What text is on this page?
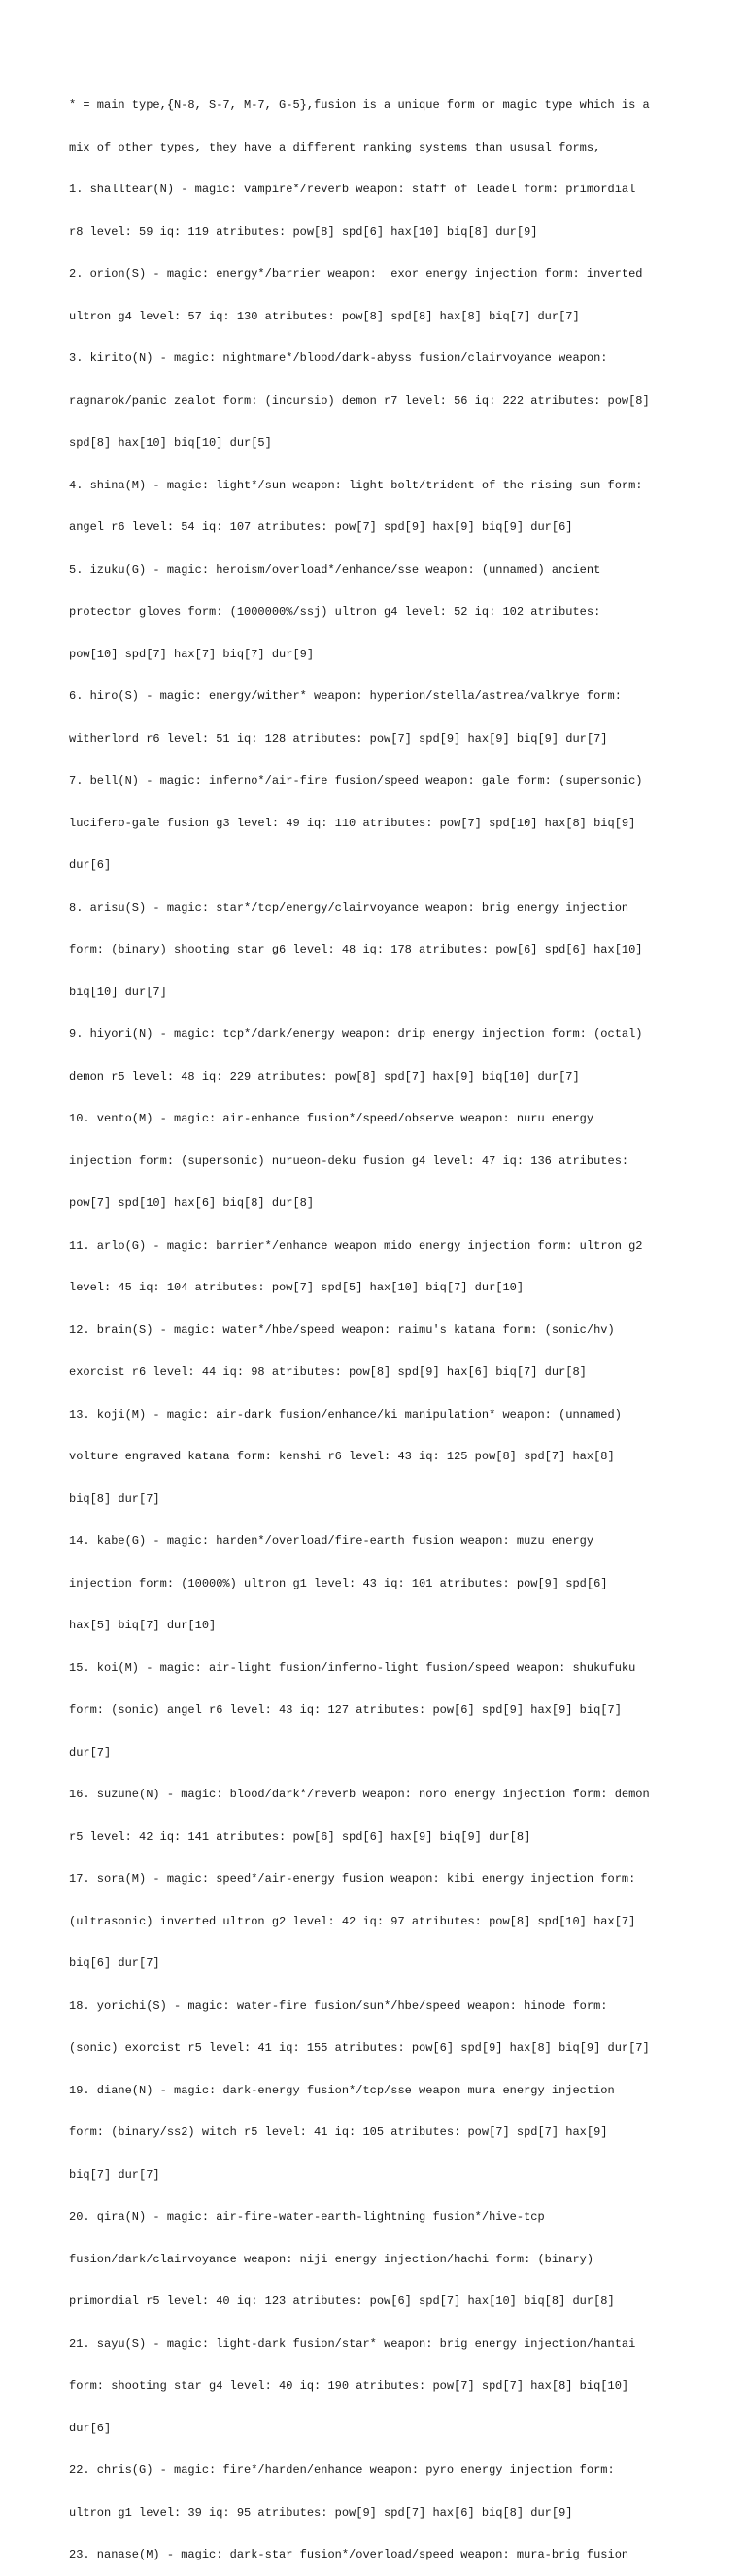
* = main type,{N-8, S-7, M-7, G-5},fusion is a unique form or magic type which is a

mix of other types, they have a different ranking systems than ususal forms,

1. shalltear(N) - magic: vampire*/reverb weapon: staff of leadel form: primordial

r8 level: 59 iq: 119 atributes: pow[8] spd[6] hax[10] biq[8] dur[9]

2. orion(S) - magic: energy*/barrier weapon:  exor energy injection form: inverted

ultron g4 level: 57 iq: 130 atributes: pow[8] spd[8] hax[8] biq[7] dur[7]

3. kirito(N) - magic: nightmare*/blood/dark-abyss fusion/clairvoyance weapon:

ragnarok/panic zealot form: (incursio) demon r7 level: 56 iq: 222 atributes: pow[8]

spd[8] hax[10] biq[10] dur[5]

4. shina(M) - magic: light*/sun weapon: light bolt/trident of the rising sun form:

angel r6 level: 54 iq: 107 atributes: pow[7] spd[9] hax[9] biq[9] dur[6]

5. izuku(G) - magic: heroism/overload*/enhance/sse weapon: (unnamed) ancient

protector gloves form: (1000000%/ssj) ultron g4 level: 52 iq: 102 atributes:

pow[10] spd[7] hax[7] biq[7] dur[9]

6. hiro(S) - magic: energy/wither* weapon: hyperion/stella/astrea/valkrye form:

witherlord r6 level: 51 iq: 128 atributes: pow[7] spd[9] hax[9] biq[9] dur[7]

7. bell(N) - magic: inferno*/air-fire fusion/speed weapon: gale form: (supersonic)

lucifero-gale fusion g3 level: 49 iq: 110 atributes: pow[7] spd[10] hax[8] biq[9]

dur[6]

8. arisu(S) - magic: star*/tcp/energy/clairvoyance weapon: brig energy injection

form: (binary) shooting star g6 level: 48 iq: 178 atributes: pow[6] spd[6] hax[10]

biq[10] dur[7]

9. hiyori(N) - magic: tcp*/dark/energy weapon: drip energy injection form: (octal)

demon r5 level: 48 iq: 229 atributes: pow[8] spd[7] hax[9] biq[10] dur[7]

10. vento(M) - magic: air-enhance fusion*/speed/observe weapon: nuru energy

injection form: (supersonic) nurueon-deku fusion g4 level: 47 iq: 136 atributes:

pow[7] spd[10] hax[6] biq[8] dur[8]

11. arlo(G) - magic: barrier*/enhance weapon mido energy injection form: ultron g2

level: 45 iq: 104 atributes: pow[7] spd[5] hax[10] biq[7] dur[10]

12. brain(S) - magic: water*/hbe/speed weapon: raimu's katana form: (sonic/hv)

exorcist r6 level: 44 iq: 98 atributes: pow[8] spd[9] hax[6] biq[7] dur[8]

13. koji(M) - magic: air-dark fusion/enhance/ki manipulation* weapon: (unnamed)

volture engraved katana form: kenshi r6 level: 43 iq: 125 pow[8] spd[7] hax[8]

biq[8] dur[7]

14. kabe(G) - magic: harden*/overload/fire-earth fusion weapon: muzu energy

injection form: (10000%) ultron g1 level: 43 iq: 101 atributes: pow[9] spd[6]

hax[5] biq[7] dur[10]

15. koi(M) - magic: air-light fusion/inferno-light fusion/speed weapon: shukufuku

form: (sonic) angel r6 level: 43 iq: 127 atributes: pow[6] spd[9] hax[9] biq[7]

dur[7]

16. suzune(N) - magic: blood/dark*/reverb weapon: noro energy injection form: demon

r5 level: 42 iq: 141 atributes: pow[6] spd[6] hax[9] biq[9] dur[8]

17. sora(M) - magic: speed*/air-energy fusion weapon: kibi energy injection form:

(ultrasonic) inverted ultron g2 level: 42 iq: 97 atributes: pow[8] spd[10] hax[7]

biq[6] dur[7]

18. yorichi(S) - magic: water-fire fusion/sun*/hbe/speed weapon: hinode form:

(sonic) exorcist r5 level: 41 iq: 155 atributes: pow[6] spd[9] hax[8] biq[9] dur[7]

19. diane(N) - magic: dark-energy fusion*/tcp/sse weapon mura energy injection

form: (binary/ss2) witch r5 level: 41 iq: 105 atributes: pow[7] spd[7] hax[9]

biq[7] dur[7]

20. qira(N) - magic: air-fire-water-earth-lightning fusion*/hive-tcp

fusion/dark/clairvoyance weapon: niji energy injection/hachi form: (binary)

primordial r5 level: 40 iq: 123 atributes: pow[6] spd[7] hax[10] biq[8] dur[8]

21. sayu(S) - magic: light-dark fusion/star* weapon: brig energy injection/hantai

form: shooting star g4 level: 40 iq: 190 atributes: pow[7] spd[7] hax[8] biq[10]

dur[6]

22. chris(G) - magic: fire*/harden/enhance weapon: pyro energy injection form:

ultron g1 level: 39 iq: 95 atributes: pow[9] spd[7] hax[6] biq[8] dur[9]

23. nanase(M) - magic: dark-star fusion*/overload/speed weapon: mura-brig fusion
